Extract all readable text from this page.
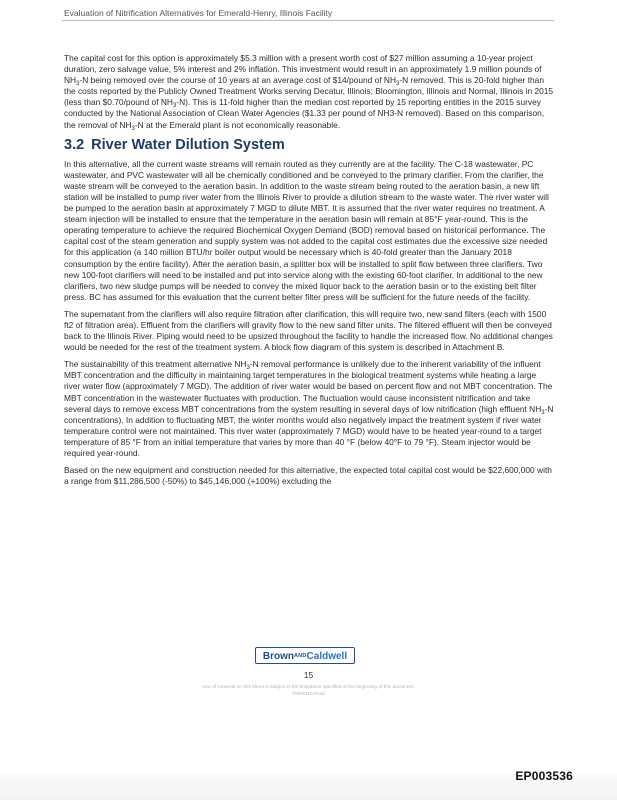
Evaluation of Nitrification Alternatives for Emerald-Henry, Illinois Facility

The capital cost for this option is approximately $5.3 million with a present worth cost of $27 million assuming a 10-year project duration, zero salvage value, 5% interest and 2% inflation. This investment would result in an approximately 1.9 million pounds of $NH_3-N$ being removed over the course of 10 years at an average cost of $14/pound of $NH_3-N$ removed. This is 20-fold higher than the costs reported by the Publicly Owned Treatment Works serving Decatur, Illinois; Bloomington, Illinois and Normal, Illinois in 2015 (less than $0.70/pound of $NH_3-N$). This is 11-fold higher than the median cost reported by 15 reporting entities in the 2015 survey conducted by the National Association of Clean Water Agencies ($1.33 per pound of NH3-N removed). Based on this comparison, the removal of $NH_3-N$ at the Emerald plant is not economically reasonable.

3.2 River Water Dilution System

In this alternative, all the current waste streams will remain routed as they currently are at the facility. The C-18 wastewater, PC wastewater, and PVC wastewater will all be chemically conditioned and be conveyed to the primary clarifier. From the clarifier, the waste stream will be conveyed to the aeration basin. In addition to the waste stream being routed to the aeration basin, a new lift station will be installed to pump river water from the Illinois River to provide a dilution stream to the waste water. The river water will be pumped to the aeration basin at approximately 7 MGD to dilute MBT. It is assumed that the river water requires no treatment. A steam injection will be installed to ensure that the temperature in the aeration basin will remain at 85°F year-round. This is the operating temperature to achieve the required Biochemical Oxygen Demand (BOD) removal based on historical performance. The capital cost of the steam generation and supply system was not added to the capital cost estimates due the excessive size needed for this application (a 140 million BTU/hr boiler output would be necessary which is 40-fold greater than the January 2018 consumption by the entire facility). After the aeration basin, a splitter box will be installed to split flow between three clarifiers. Two new 100-foot clarifiers will need to be installed and put into service along with the existing 60-foot clarifier. In additional to the new clarifiers, two new sludge pumps will be needed to convey the mixed liquor back to the aeration basin or to the existing belt filter press. BC has assumed for this evaluation that the current belter filter press will be sufficient for the future needs of the facility.

The supernatant from the clarifiers will also require filtration after clarification, this will require two, new sand filters (each with 1500 ft2 of filtration area). Effluent from the clarifiers will gravity flow to the new sand filter units. The filtered effluent will then be conveyed back to the Illinois River. Piping would need to be upsized throughout the facility to handle the increased flow. No additional changes would be needed for the rest of the treatment system. A block flow diagram of this system is described in Attachment B.

The sustainability of this treatment alternative $NH_3-N$ removal performance is unlikely due to the inherent variability of the influent MBT concentration and the difficulty in maintaining target temperatures in the biological treatment systems while heating a large river water flow (approximately 7 MGD). The addition of river water would be based on percent flow and not MBT concentration. The MBT concentration in the wastewater fluctuates with production. The fluctuation would cause inconsistent nitrification and take several days to remove excess MBT concentrations from the system resulting in several days of low nitrification (high effluent $NH_3-N$ concentrations). In addition to fluctuating MBT, the winter months would also negatively impact the treatment system if river water temperature control were not maintained. This river water (approximately 7 MGD) would have to be heated year-round to a target temperature of 85 °F from an initial temperature that varies by more than 40 °F (below 40°F to 79 °F). Steam injector would be required year-round.

Based on the new equipment and construction needed for this alternative, the expected total capital cost would be $22,600,000 with a range from $11,286,500 (-50%) to $45,146,000 (+100%) excluding the

BrownANDCaldwell
15
Use of contents on this sheet is subject to the limitations specified at the beginning of this document.
TM03318-Final
EP003536
